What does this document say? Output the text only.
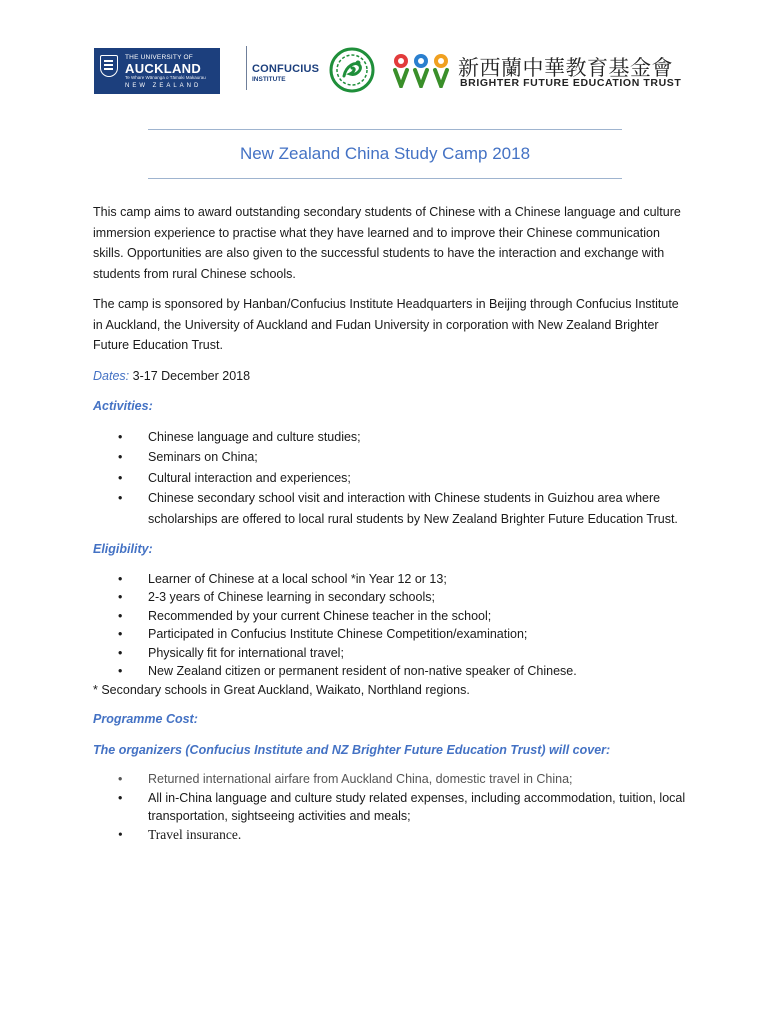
THE UNIVERSITY OF
AUCKLAND
Te Whare Wānanga o Tāmaki Makaurau
NEW ZEALAND
CONFUCIUS
INSTITUTE	新西蘭中華教育基金會
BRIGHTER FUTURE EDUCATION TRUST
New Zealand China Study Camp 2018

This camp aims to award outstanding secondary students of Chinese with a Chinese language and culture immersion experience to practise what they have learned and to improve their Chinese communication skills. Opportunities are also given to the successful students to have the interaction and exchange with students from rural Chinese schools.

The camp is sponsored by Hanban/Confucius Institute Headquarters in Beijing through Confucius Institute in Auckland, the University of Auckland and Fudan University in corporation with New Zealand Brighter Future Education Trust.

Dates: 3-17 December 2018

Activities:

• Chinese language and culture studies;
• Seminars on China;
• Cultural interaction and experiences;
• Chinese secondary school visit and interaction with Chinese students in Guizhou area where scholarships are offered to local rural students by New Zealand Brighter Future Education Trust.

Eligibility:

• Learner of Chinese at a local school *in Year 12 or 13;
• 2-3 years of Chinese learning in secondary schools;
• Recommended by your current Chinese teacher in the school;
• Participated in Confucius Institute Chinese Competition/examination;
• Physically fit for international travel;
• New Zealand citizen or permanent resident of non-native speaker of Chinese.
* Secondary schools in Great Auckland, Waikato, Northland regions.

Programme Cost:

The organizers (Confucius Institute and NZ Brighter Future Education Trust) will cover:

• Returned international airfare from Auckland China, domestic travel in China;
• All in-China language and culture study related expenses, including accommodation, tuition, local transportation, sightseeing activities and meals;
• Travel insurance.
